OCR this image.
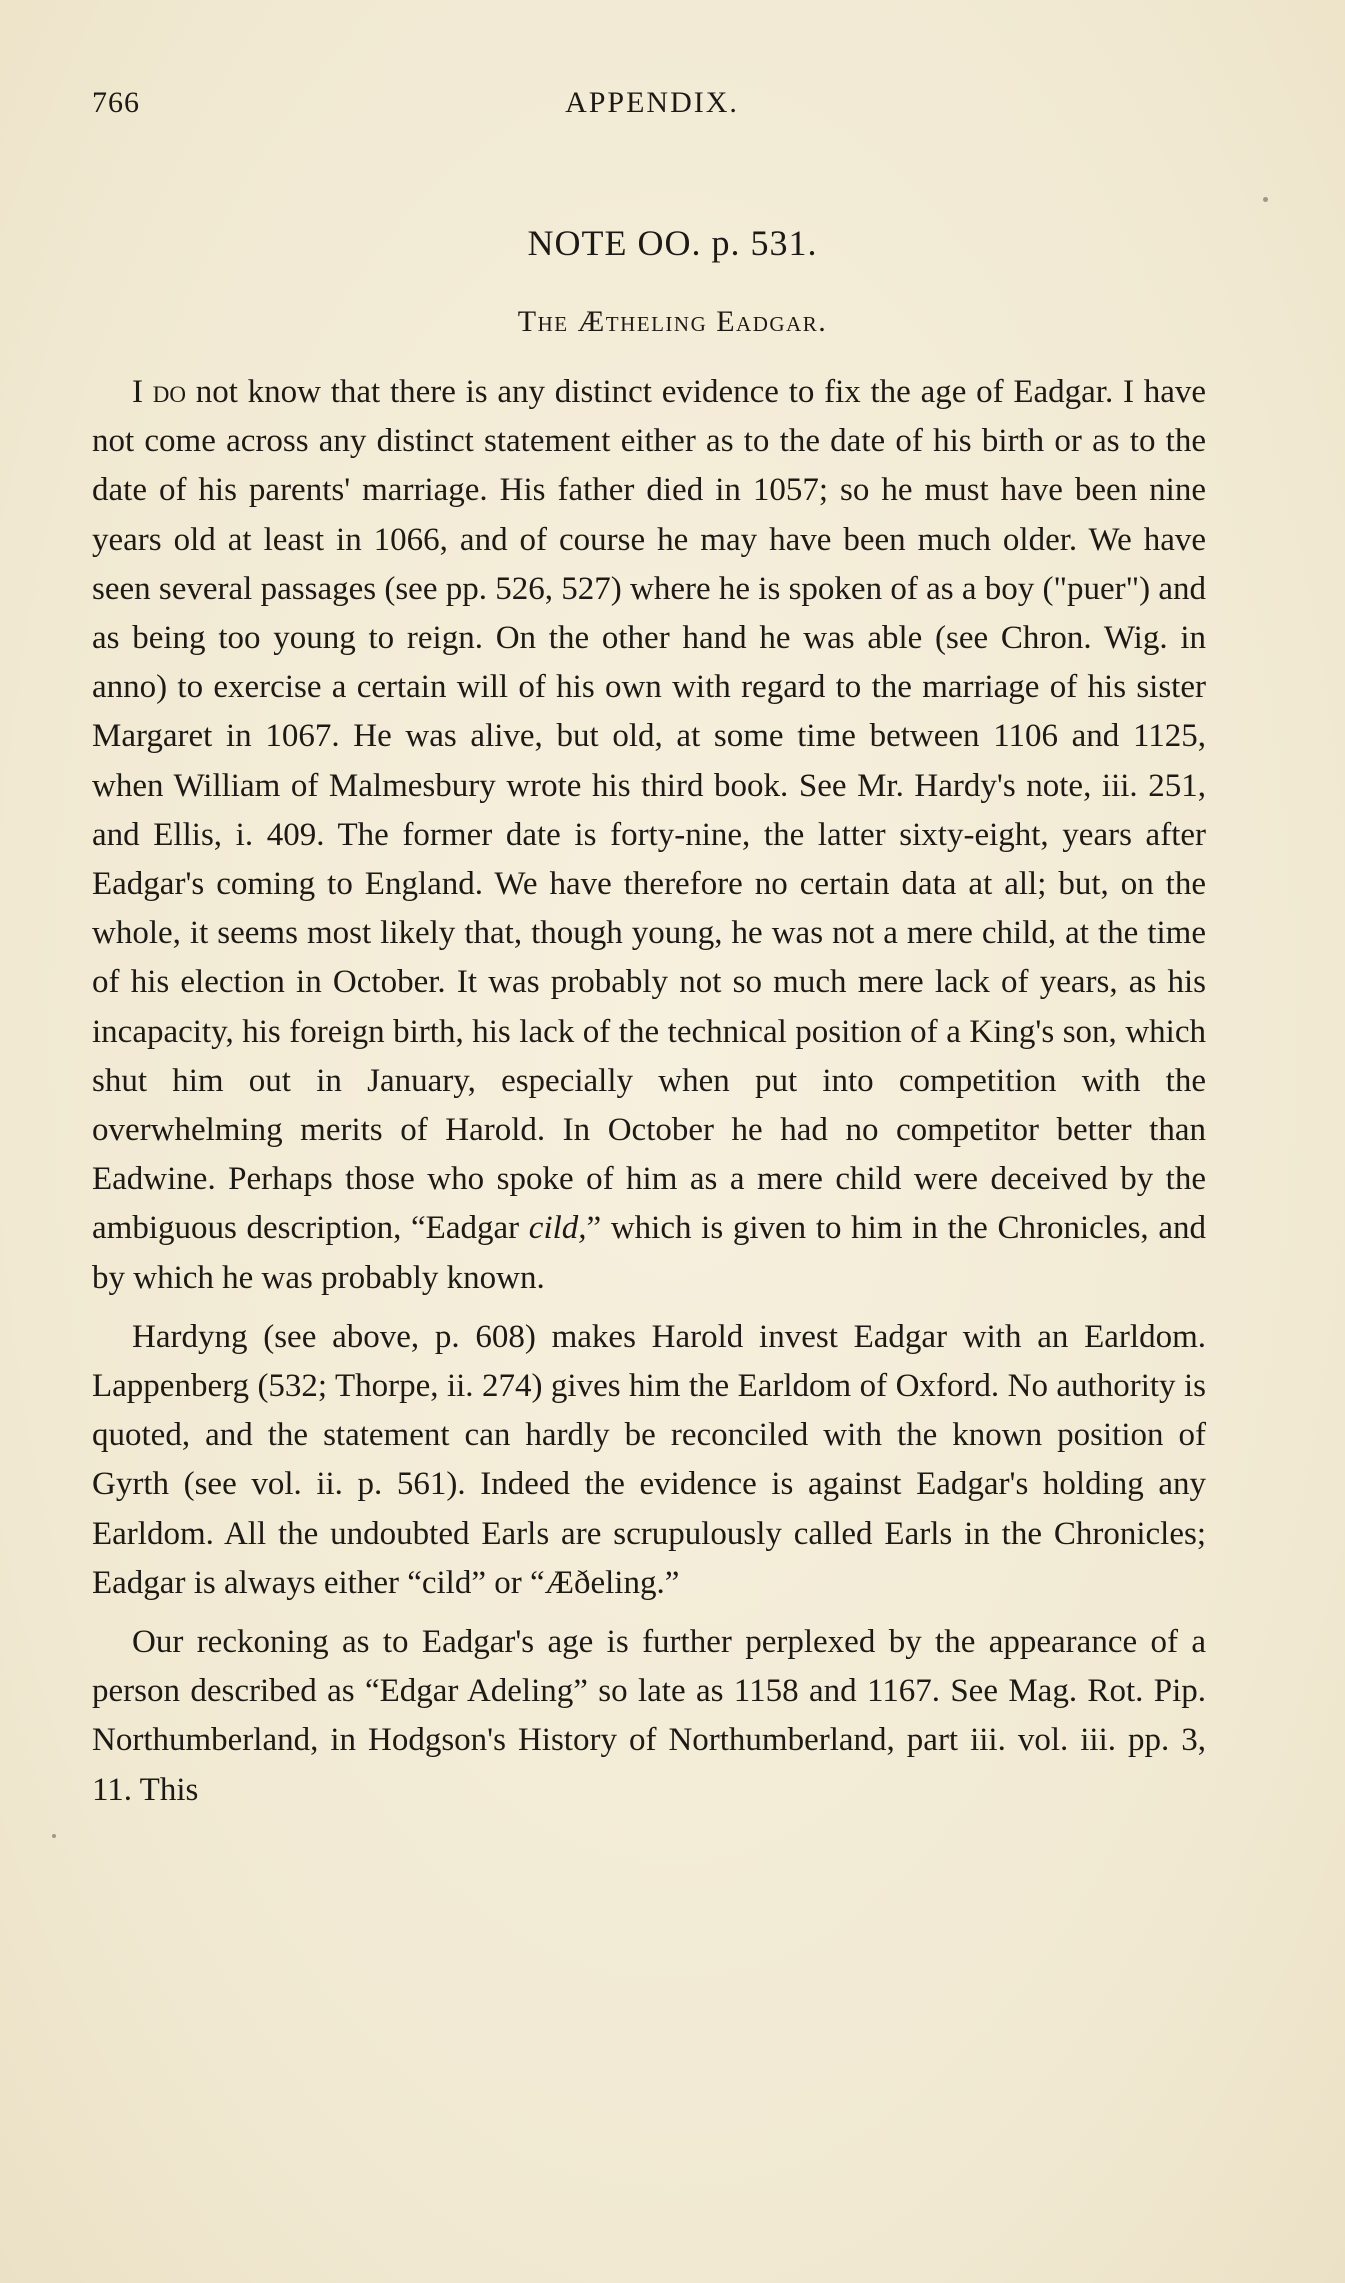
766	APPENDIX.
NOTE OO. p. 531.
The Ætheling Eadgar.

I do not know that there is any distinct evidence to fix the age of Eadgar. I have not come across any distinct statement either as to the date of his birth or as to the date of his parents' marriage. His father died in 1057; so he must have been nine years old at least in 1066, and of course he may have been much older. We have seen several passages (see pp. 526, 527) where he is spoken of as a boy ("puer") and as being too young to reign. On the other hand he was able (see Chron. Wig. in anno) to exercise a certain will of his own with regard to the marriage of his sister Margaret in 1067. He was alive, but old, at some time between 1106 and 1125, when William of Malmesbury wrote his third book. See Mr. Hardy's note, iii. 251, and Ellis, i. 409. The former date is forty-nine, the latter sixty-eight, years after Eadgar's coming to England. We have therefore no certain data at all; but, on the whole, it seems most likely that, though young, he was not a mere child, at the time of his election in October. It was probably not so much mere lack of years, as his incapacity, his foreign birth, his lack of the technical position of a King's son, which shut him out in January, especially when put into competition with the overwhelming merits of Harold. In October he had no competitor better than Eadwine. Perhaps those who spoke of him as a mere child were deceived by the ambiguous description, “Eadgar cild,” which is given to him in the Chronicles, and by which he was probably known.

Hardyng (see above, p. 608) makes Harold invest Eadgar with an Earldom. Lappenberg (532; Thorpe, ii. 274) gives him the Earldom of Oxford. No authority is quoted, and the statement can hardly be reconciled with the known position of Gyrth (see vol. ii. p. 561). Indeed the evidence is against Eadgar's holding any Earldom. All the undoubted Earls are scrupulously called Earls in the Chronicles; Eadgar is always either “cild” or “Æðeling.”

Our reckoning as to Eadgar's age is further perplexed by the appearance of a person described as “Edgar Adeling” so late as 1158 and 1167. See Mag. Rot. Pip. Northumberland, in Hodgson's History of Northumberland, part iii. vol. iii. pp. 3, 11. This
